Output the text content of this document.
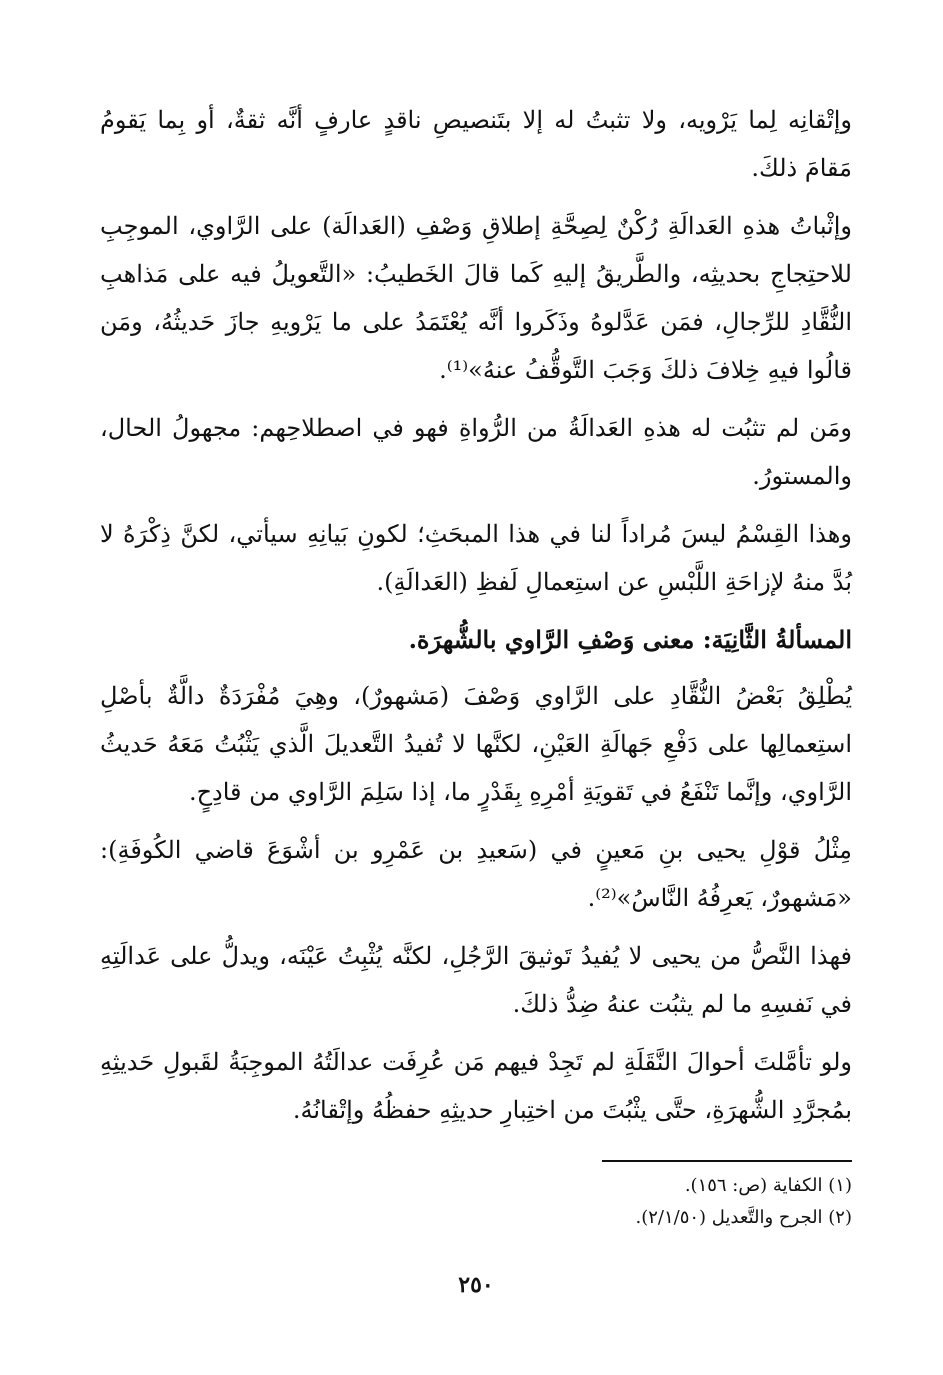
وإتْقانِه لِما يَرْويه، ولا تثبتُ له إلا بتَنصيصِ ناقدٍ عارفٍ أنَّه ثقةٌ، أو بِما يَقومُ مَقامَ ذلكَ.

وإثْباتُ هذهِ العَدالَةِ رُكْنٌ لِصِحَّةِ إطلاقِ وَصْفِ (العَدالَة) على الرَّاوي، الموجِبِ للاحتِجاجِ بحديثِه، والطَّريقُ إليهِ كَما قالَ الخَطيبُ: «التَّعويلُ فيه على مَذاهبِ النُّقَّادِ للرِّجالِ، فمَن عَدَّلوهُ وذَكَروا أنَّه يُعْتَمَدُ على ما يَرْويهِ جازَ حَديثُهُ، ومَن قالُوا فيهِ خِلافَ ذلكَ وَجَبَ التَّوقُّفُ عنهُ»⁽¹⁾.

ومَن لم تثبُت له هذهِ العَدالَةُ من الرُّواةِ فهو في اصطلاحِهم: مجهولُ الحال، والمستورُ.

وهذا القِسْمُ ليسَ مُراداً لنا في هذا المبحَثِ؛ لكونِ بَيانِهِ سيأتي، لكنَّ ذِكْرَهُ لا بُدَّ منهُ لإزاحَةِ اللَّبْسِ عن استِعمالِ لَفظِ (العَدالَةِ).

المسألةُ الثَّانِيَة: معنى وَصْفِ الرَّاوي بالشُّهرَة.

يُطْلِقُ بَعْضُ النُّقَّادِ على الرَّاوي وَصْفَ (مَشهورٌ)، وهِيَ مُفْرَدَةٌ دالَّةٌ بأصْلِ استِعمالِها على دَفْعِ جَهالَةِ العَيْنِ، لكنَّها لا تُفيدُ التَّعديلَ الَّذي يَثْبُتُ مَعَهُ حَديثُ الرَّاوي، وإنَّما تَنْفَعُ في تَقويَةِ أمْرِهِ بِقَدْرٍ ما، إذا سَلِمَ الرَّاوي من قادِحٍ.

مِثْلُ قوْلِ يحيى بنِ مَعينٍ في (سَعيدِ بن عَمْرِو بن أشْوَعَ قاضي الكُوفَةِ): «مَشهورٌ، يَعرِفُهُ النَّاسُ»⁽²⁾.

فهذا النَّصُّ من يحيى لا يُفيدُ تَوثيقَ الرَّجُلِ، لكنَّه يُثْبِتُ عَيْنَه، ويدلُّ على عَدالَتِهِ في نَفسِهِ ما لم يثبُت عنهُ ضِدُّ ذلكَ.

ولو تأمَّلتَ أحوالَ النَّقَلَةِ لم تَجِدْ فيهم مَن عُرِفَت عدالَتُهُ الموجِبَةُ لقَبولِ حَديثِهِ بمُجرَّدِ الشُّهرَةِ، حتَّى يثْبُتَ من اختِبارِ حديثِهِ حفظُهُ وإتْقانُهُ.

(١) الكفاية (ص: ١٥٦).

(٢) الجرح والتَّعديل (٢/١/٥٠).

٢٥٠
